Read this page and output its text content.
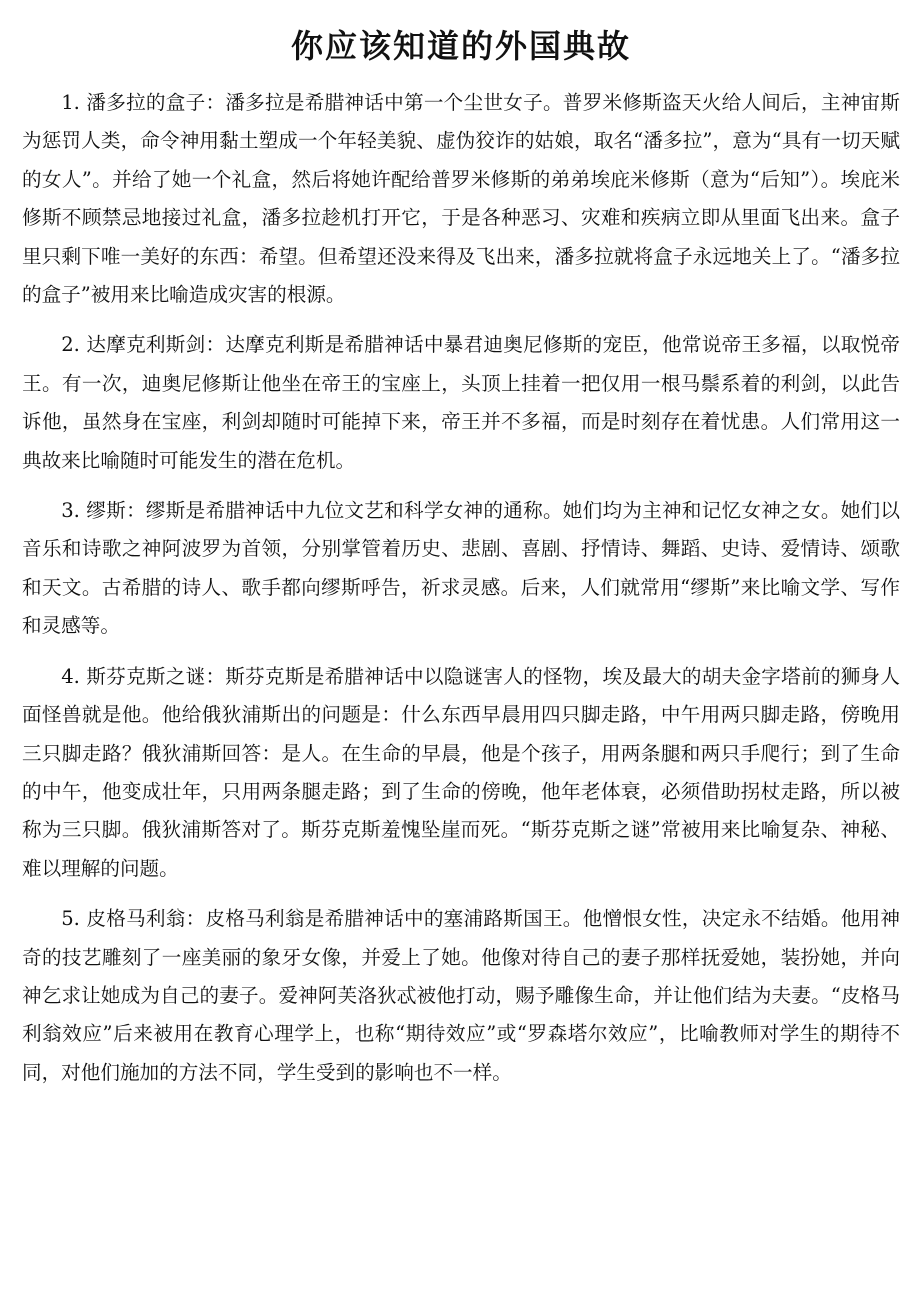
你应该知道的外国典故

1. 潘多拉的盒子：潘多拉是希腊神话中第一个尘世女子。普罗米修斯盗天火给人间后，主神宙斯为惩罚人类，命令神用黏土塑成一个年轻美貌、虚伪狡诈的姑娘，取名“潘多拉”，意为“具有一切天赋的女人”。并给了她一个礼盒，然后将她许配给普罗米修斯的弟弟埃庇米修斯（意为“后知”）。埃庇米修斯不顾禁忌地接过礼盒，潘多拉趁机打开它，于是各种恶习、灾难和疾病立即从里面飞出来。盒子里只剩下唯一美好的东西：希望。但希望还没来得及飞出来，潘多拉就将盒子永远地关上了。“潘多拉的盒子”被用来比喻造成灾害的根源。

2. 达摩克利斯剑：达摩克利斯是希腊神话中暴君迪奥尼修斯的宠臣，他常说帝王多福，以取悦帝王。有一次，迪奥尼修斯让他坐在帝王的宝座上，头顶上挂着一把仅用一根马鬃系着的利剑，以此告诉他，虽然身在宝座，利剑却随时可能掉下来，帝王并不多福，而是时刻存在着忧患。人们常用这一典故来比喻随时可能发生的潜在危机。

3. 缪斯：缪斯是希腊神话中九位文艺和科学女神的通称。她们均为主神和记忆女神之女。她们以音乐和诗歌之神阿波罗为首领，分别掌管着历史、悲剧、喜剧、抒情诗、舞蹈、史诗、爱情诗、颂歌和天文。古希腊的诗人、歌手都向缪斯呼告，祈求灵感。后来，人们就常用“缪斯”来比喻文学、写作和灵感等。

4. 斯芬克斯之谜：斯芬克斯是希腊神话中以隐谜害人的怪物，埃及最大的胡夫金字塔前的狮身人面怪兽就是他。他给俄狄浦斯出的问题是：什么东西早晨用四只脚走路，中午用两只脚走路，傍晚用三只脚走路？俄狄浦斯回答：是人。在生命的早晨，他是个孩子，用两条腿和两只手爬行；到了生命的中午，他变成壮年，只用两条腿走路；到了生命的傍晚，他年老体衰，必须借助拐杖走路，所以被称为三只脚。俄狄浦斯答对了。斯芬克斯羞愧坠崖而死。“斯芬克斯之谜”常被用来比喻复杂、神秘、难以理解的问题。

5. 皮格马利翁：皮格马利翁是希腊神话中的塞浦路斯国王。他憎恨女性，决定永不结婚。他用神奇的技艺雕刻了一座美丽的象牙女像，并爱上了她。他像对待自己的妻子那样抚爱她，装扮她，并向神乞求让她成为自己的妻子。爱神阿芙洛狄忒被他打动，赐予雕像生命，并让他们结为夫妻。“皮格马利翁效应”后来被用在教育心理学上，也称“期待效应”或“罗森塔尔效应”，比喻教师对学生的期待不同，对他们施加的方法不同，学生受到的影响也不一样。
